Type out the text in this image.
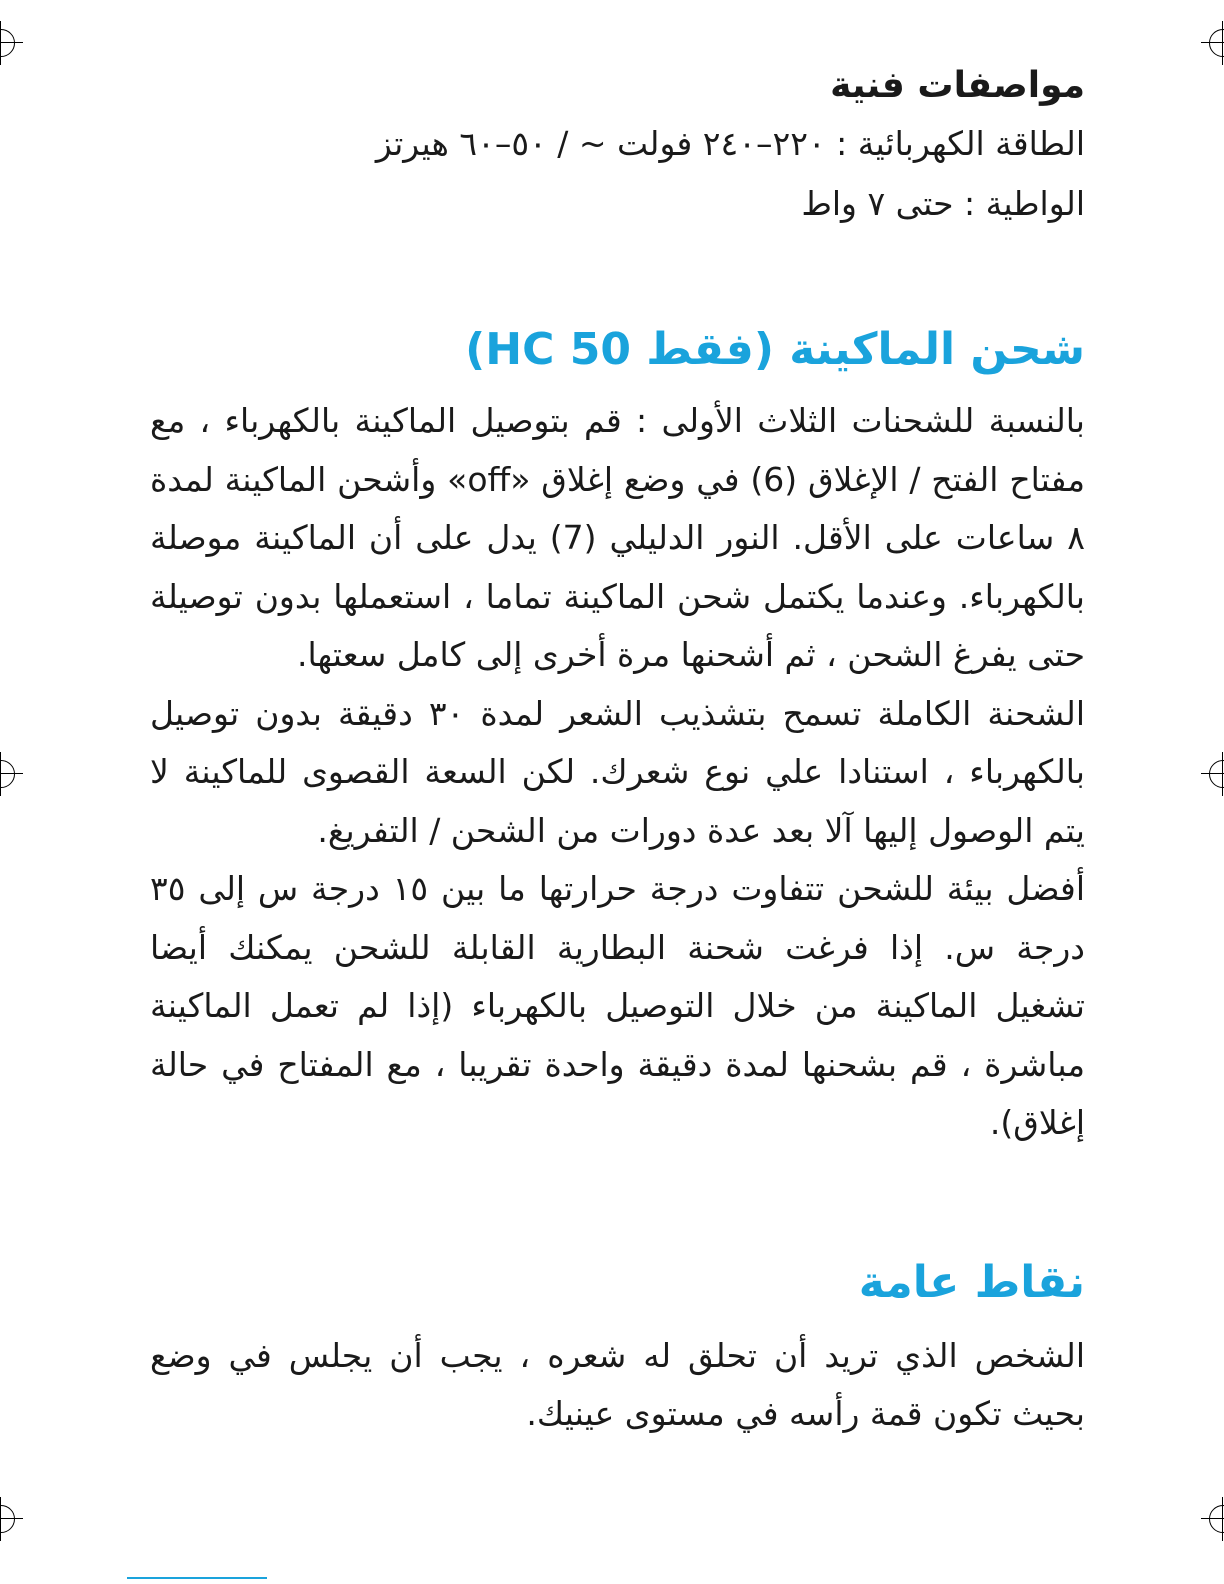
مواصفات فنية

الطاقة الكهربائية : ٢٢٠–٢٤٠ فولت ~ / ٥٠–٦٠ هيرتز

الواطية : حتى ٧ واط

شحن الماكينة (فقط HC 50)

بالنسبة للشحنات الثلاث الأولى : قم بتوصيل الماكينة بالكهرباء ، مع مفتاح الفتح / الإغلاق (6) في وضع إغلاق «off» وأشحن الماكينة لمدة ٨ ساعات على الأقل. النور الدليلي (7) يدل على أن الماكينة موصلة بالكهرباء. وعندما يكتمل شحن الماكينة تماما ، استعملها بدون توصيلة حتى يفرغ الشحن ، ثم أشحنها مرة أخرى إلى كامل سعتها.

الشحنة الكاملة تسمح بتشذيب الشعر لمدة ٣٠ دقيقة بدون توصيل بالكهرباء ، استنادا علي نوع شعرك. لكن السعة القصوى للماكينة لا يتم الوصول إليها آلا بعد عدة دورات من الشحن / التفريغ.

أفضل بيئة للشحن تتفاوت درجة حرارتها ما بين ١٥ درجة س إلى ٣٥ درجة س. إذا فرغت شحنة البطارية القابلة للشحن يمكنك أيضا تشغيل الماكينة من خلال التوصيل بالكهرباء (إذا لم تعمل الماكينة مباشرة ، قم بشحنها لمدة دقيقة واحدة تقريبا ، مع المفتاح في حالة إغلاق).

نقاط عامة

الشخص الذي تريد أن تحلق له شعره ، يجب أن يجلس في وضع بحيث تكون قمة رأسه في مستوى عينيك.
